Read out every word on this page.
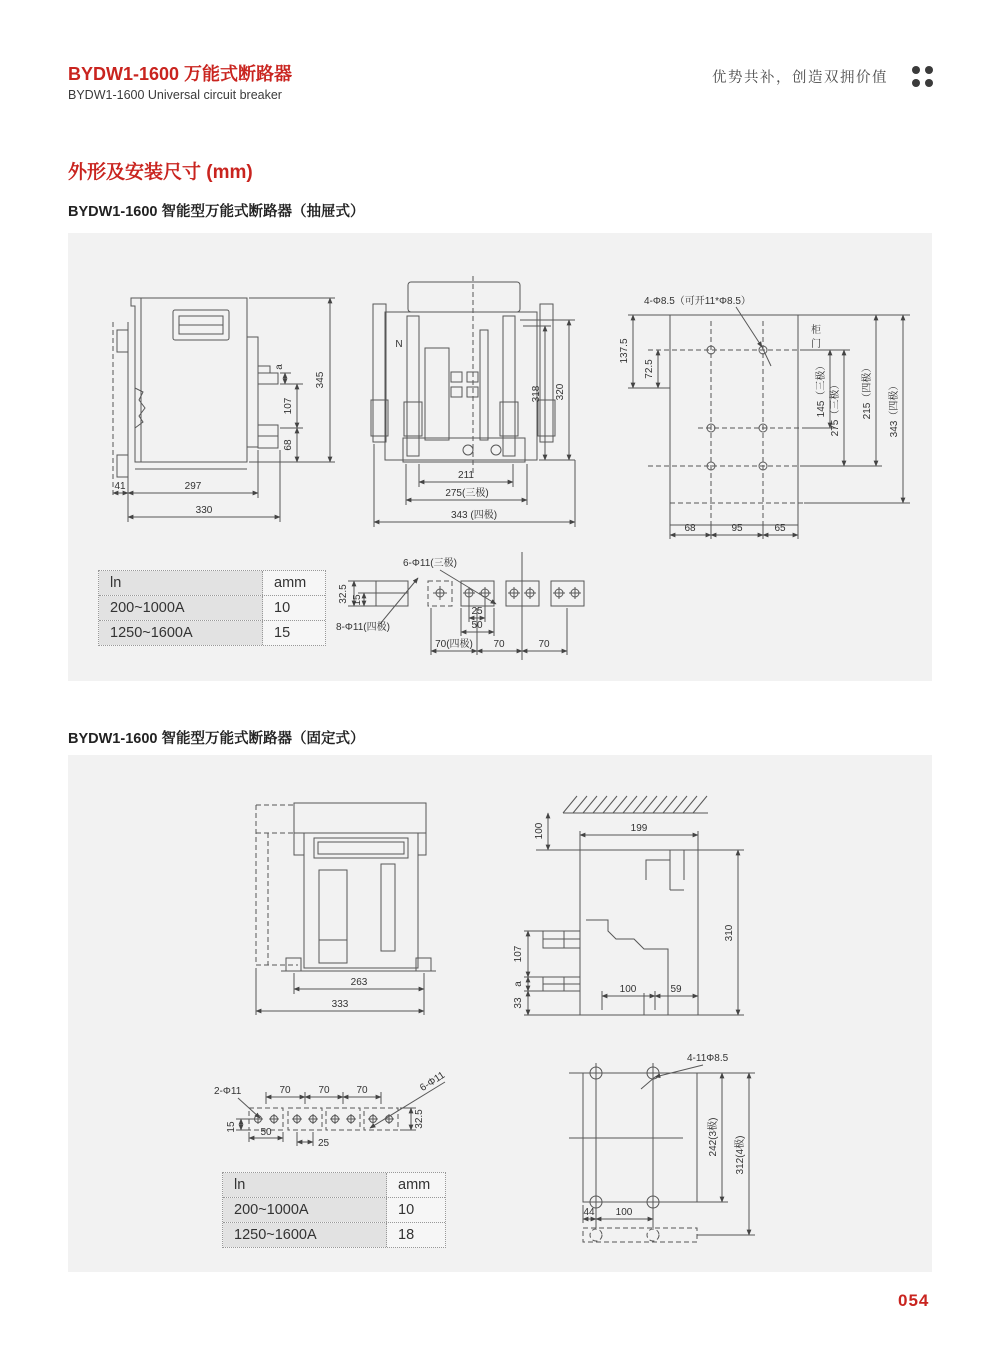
BYDW1-1600 万能式断路器
BYDW1-1600 Universal circuit breaker
优势共补，创造双拥价值
外形及安装尺寸 (mm)
BYDW1-1600 智能型万能式断路器（抽屉式）
a
345
107
68
41	297
330
N
318 320
211
275(三极)
343 (四极)
4-Φ8.5（可开11*Φ8.5）
柜
门
137.5
72.5	145（三极） 275（三极） 215（四极） 343（四极）
68	95	65
6-Φ11(三极)
8-Φ11(四极)
32.5 15
25
50
70(四极) 70	70
ln	amm
200~1000A	10
1250~1600A	15
BYDW1-1600 智能型万能式断路器（固定式）
263
333
100	199
107
a
33
100	59
310
2-Φ11	70	70	70	6-Φ11
15 50
25
32.5
ln	amm
200~1000A	10
1250~1600A	18
4-11Φ8.5
242(3极) 312(4极)
44 100
054
